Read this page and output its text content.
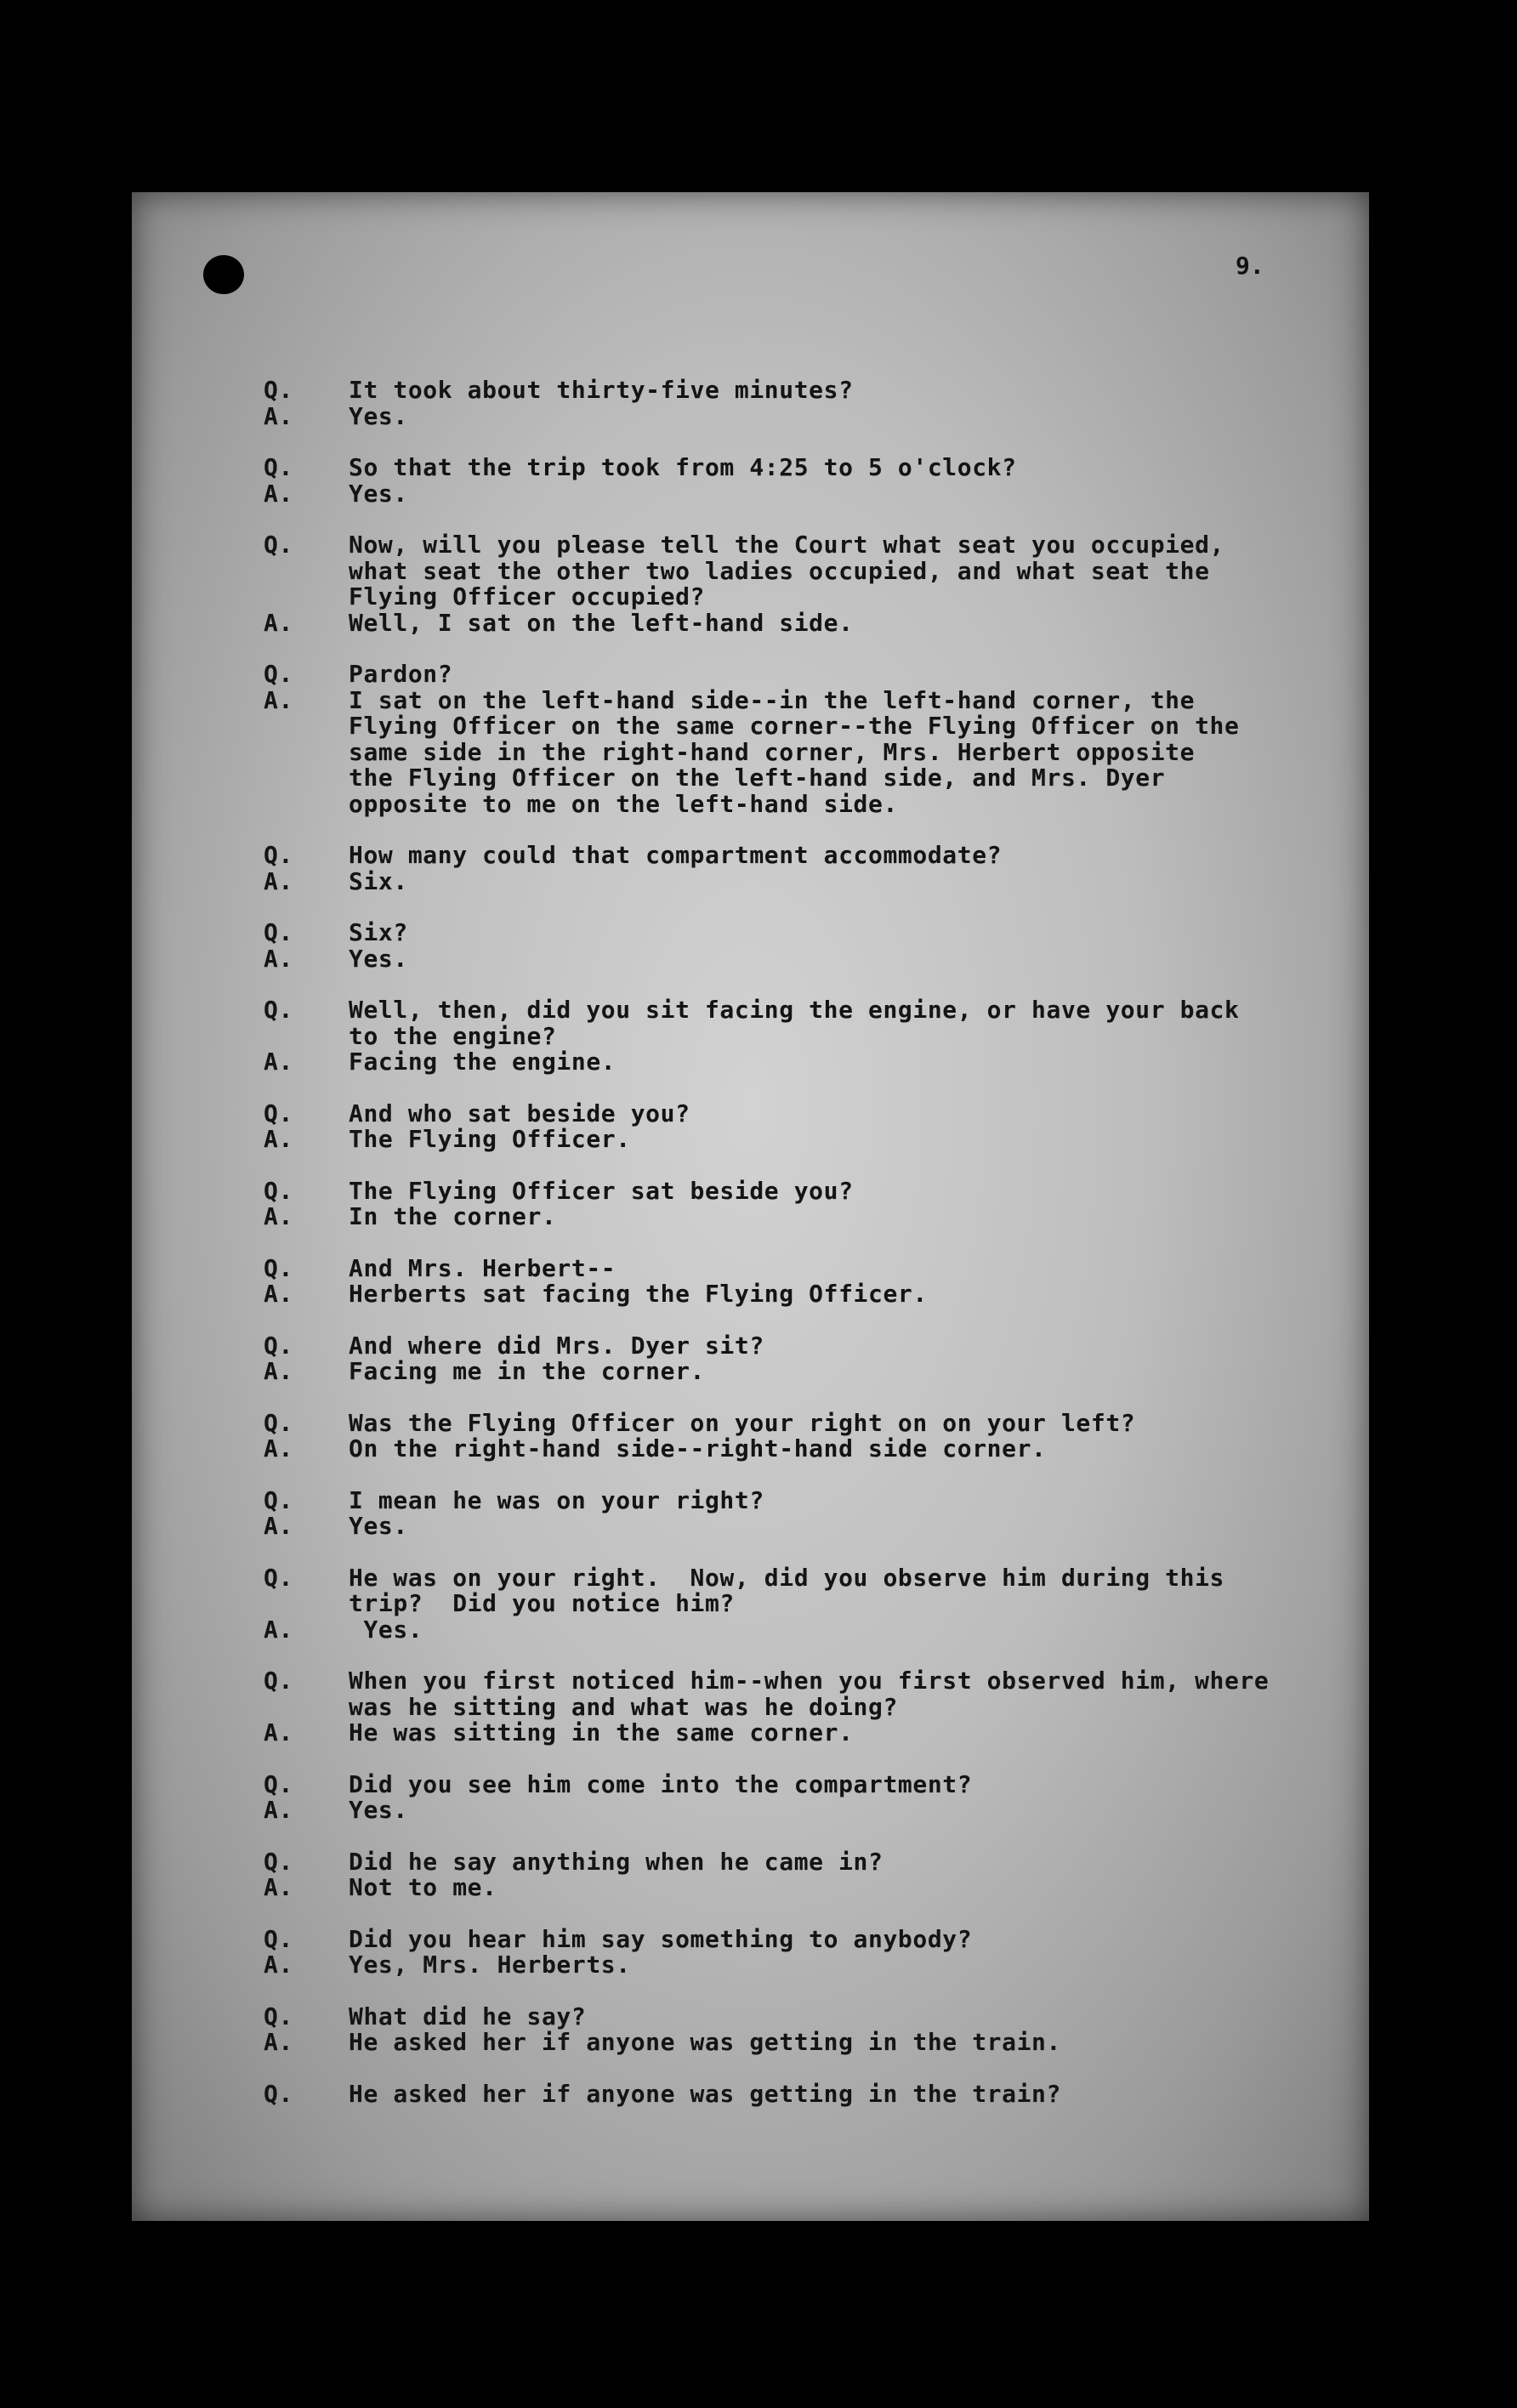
9.
Q.	It took about thirty-five minutes?
A.	Yes.
Q.	So that the trip took from 4:25 to 5 o'clock?
A.	Yes.
Q.	Now, will you please tell the Court what seat you occupied,
what seat the other two ladies occupied, and what seat the
Flying Officer occupied?
A.	Well, I sat on the left-hand side.
Q.	Pardon?
A.	I sat on the left-hand side--in the left-hand corner, the
Flying Officer on the same corner--the Flying Officer on the
same side in the right-hand corner, Mrs. Herbert opposite
the Flying Officer on the left-hand side, and Mrs. Dyer
opposite to me on the left-hand side.
Q.	How many could that compartment accommodate?
A.	Six.
Q.	Six?
A.	Yes.
Q.	Well, then, did you sit facing the engine, or have your back
to the engine?
A.	Facing the engine.
Q.	And who sat beside you?
A.	The Flying Officer.
Q.	The Flying Officer sat beside you?
A.	In the corner.
Q.	And Mrs. Herbert--
A.	Herberts sat facing the Flying Officer.
Q.	And where did Mrs. Dyer sit?
A.	Facing me in the corner.
Q.	Was the Flying Officer on your right on on your left?
A.	On the right-hand side--right-hand side corner.
Q.	I mean he was on your right?
A.	Yes.
Q.	He was on your right.  Now, did you observe him during this
trip?  Did you notice him?
A.	Yes.
Q.	When you first noticed him--when you first observed him, where
was he sitting and what was he doing?
A.	He was sitting in the same corner.
Q.	Did you see him come into the compartment?
A.	Yes.
Q.	Did he say anything when he came in?
A.	Not to me.
Q.	Did you hear him say something to anybody?
A.	Yes, Mrs. Herberts.
Q.	What did he say?
A.	He asked her if anyone was getting in the train.
Q.	He asked her if anyone was getting in the train?
